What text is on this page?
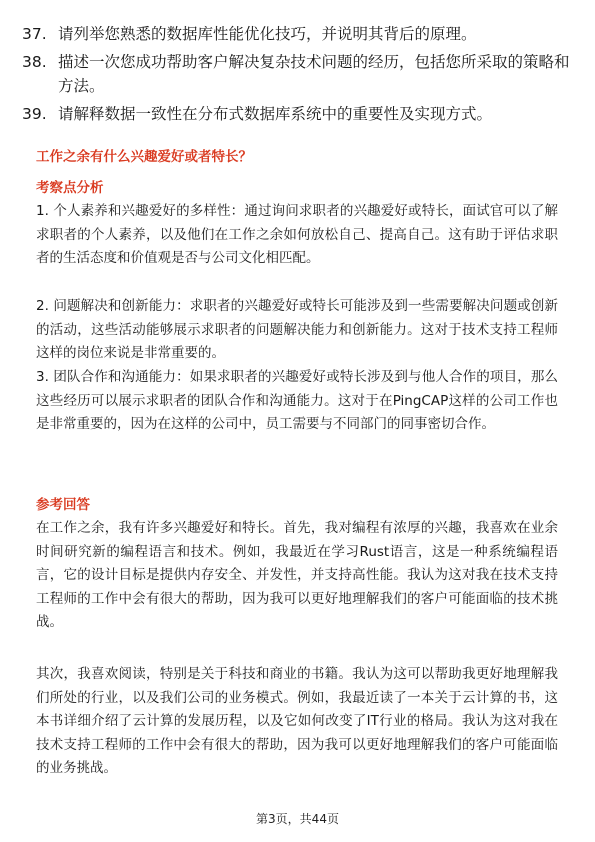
37. 请列举您熟悉的数据库性能优化技巧，并说明其背后的原理。
38. 描述一次您成功帮助客户解决复杂技术问题的经历，包括您所采取的策略和方法。
39. 请解释数据一致性在分布式数据库系统中的重要性及实现方式。
工作之余有什么兴趣爱好或者特长？
考察点分析
1. 个人素养和兴趣爱好的多样性：通过询问求职者的兴趣爱好或特长，面试官可以了解求职者的个人素养，以及他们在工作之余如何放松自己、提高自己。这有助于评估求职者的生活态度和价值观是否与公司文化相匹配。
2. 问题解决和创新能力：求职者的兴趣爱好或特长可能涉及到一些需要解决问题或创新的活动，这些活动能够展示求职者的问题解决能力和创新能力。这对于技术支持工程师这样的岗位来说是非常重要的。
3. 团队合作和沟通能力：如果求职者的兴趣爱好或特长涉及到与他人合作的项目，那么这些经历可以展示求职者的团队合作和沟通能力。这对于在PingCAP这样的公司工作也是非常重要的，因为在这样的公司中，员工需要与不同部门的同事密切合作。
参考回答
在工作之余，我有许多兴趣爱好和特长。首先，我对编程有浓厚的兴趣，我喜欢在业余时间研究新的编程语言和技术。例如，我最近在学习Rust语言，这是一种系统编程语言，它的设计目标是提供内存安全、并发性，并支持高性能。我认为这对我在技术支持工程师的工作中会有很大的帮助，因为我可以更好地理解我们的客户可能面临的技术挑战。
其次，我喜欢阅读，特别是关于科技和商业的书籍。我认为这可以帮助我更好地理解我们所处的行业，以及我们公司的业务模式。例如，我最近读了一本关于云计算的书，这本书详细介绍了云计算的发展历程，以及它如何改变了IT行业的格局。我认为这对我在技术支持工程师的工作中会有很大的帮助，因为我可以更好地理解我们的客户可能面临的业务挑战。
第3页，共44页
